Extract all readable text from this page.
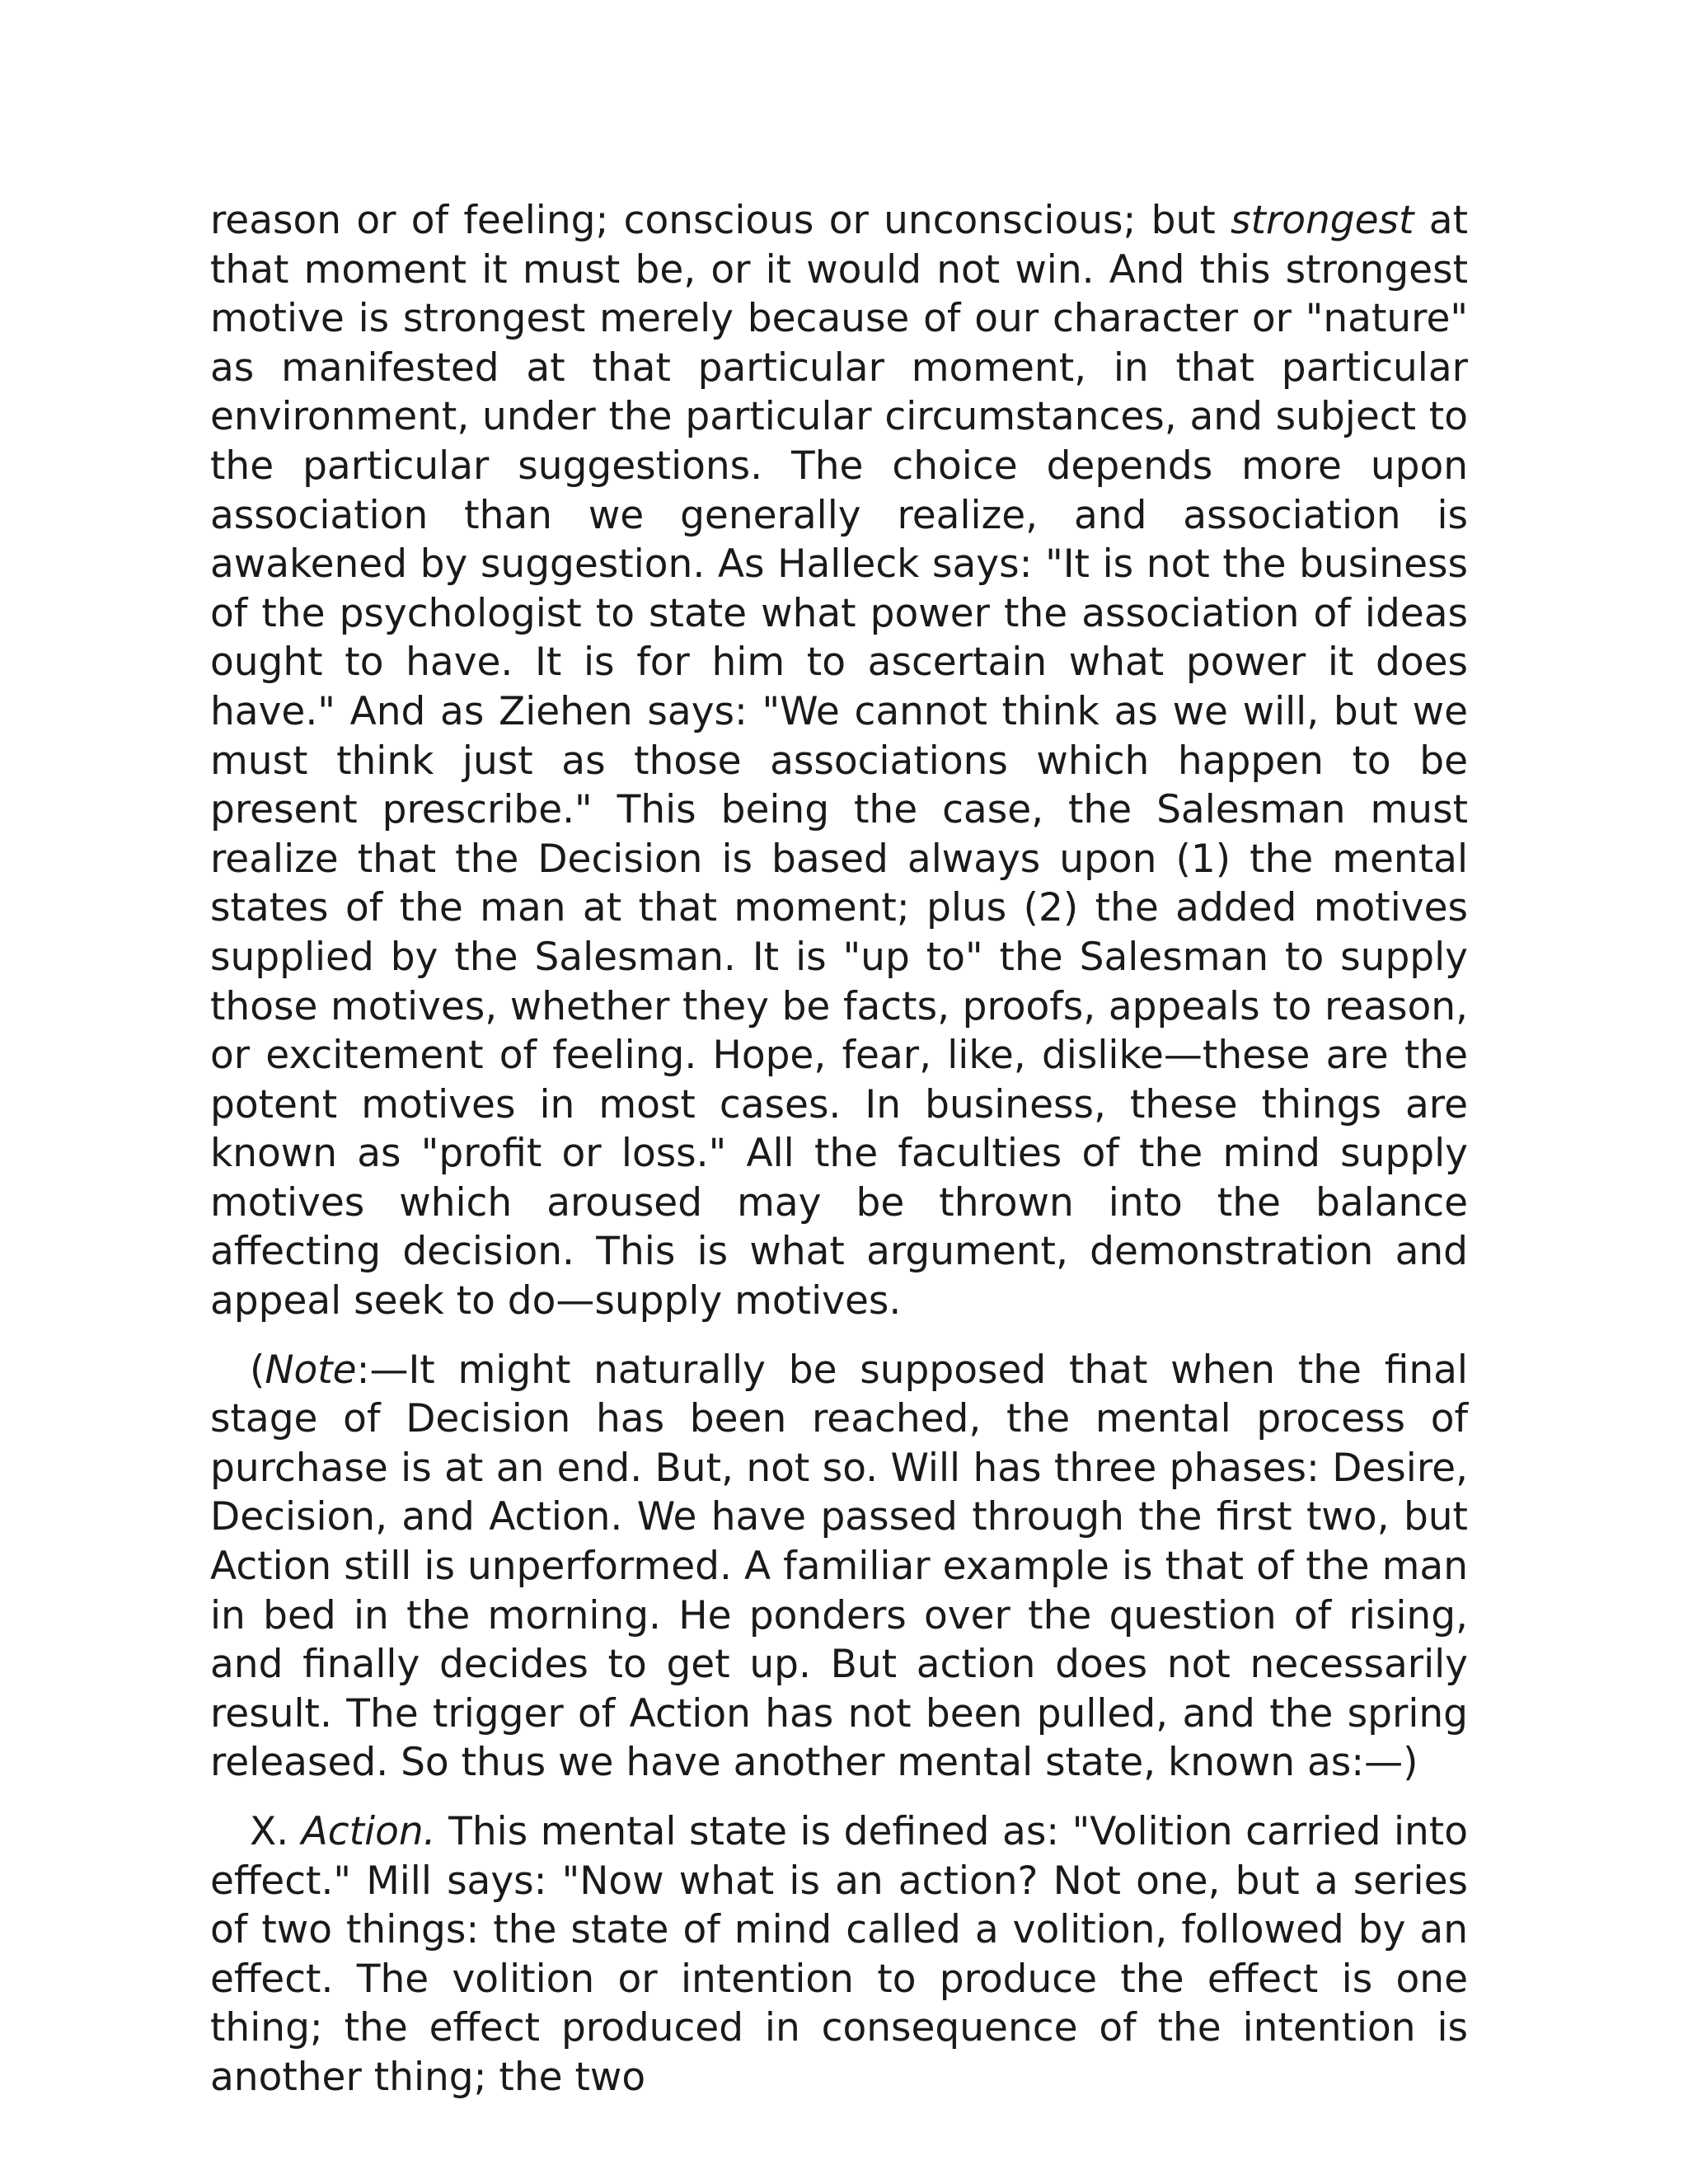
reason or of feeling; conscious or unconscious; but strongest at that moment it must be, or it would not win. And this strongest motive is strongest merely because of our character or "nature" as manifested at that particular moment, in that particular environment, under the particular circumstances, and subject to the particular suggestions. The choice depends more upon association than we generally realize, and association is awakened by suggestion. As Halleck says: "It is not the business of the psychologist to state what power the association of ideas ought to have. It is for him to ascertain what power it does have." And as Ziehen says: "We cannot think as we will, but we must think just as those associations which happen to be present prescribe." This being the case, the Salesman must realize that the Decision is based always upon (1) the mental states of the man at that moment; plus (2) the added motives supplied by the Salesman. It is "up to" the Salesman to supply those motives, whether they be facts, proofs, appeals to reason, or excitement of feeling. Hope, fear, like, dislike—these are the potent motives in most cases. In business, these things are known as "profit or loss." All the faculties of the mind supply motives which aroused may be thrown into the balance affecting decision. This is what argument, demonstration and appeal seek to do—supply motives.

(Note:—It might naturally be supposed that when the final stage of Decision has been reached, the mental process of purchase is at an end. But, not so. Will has three phases: Desire, Decision, and Action. We have passed through the first two, but Action still is unperformed. A familiar example is that of the man in bed in the morning. He ponders over the question of rising, and finally decides to get up. But action does not necessarily result. The trigger of Action has not been pulled, and the spring released. So thus we have another mental state, known as:—)

X. Action. This mental state is defined as: "Volition carried into effect." Mill says: "Now what is an action? Not one, but a series of two things: the state of mind called a volition, followed by an effect. The volition or intention to produce the effect is one thing; the effect produced in consequence of the intention is another thing; the two
